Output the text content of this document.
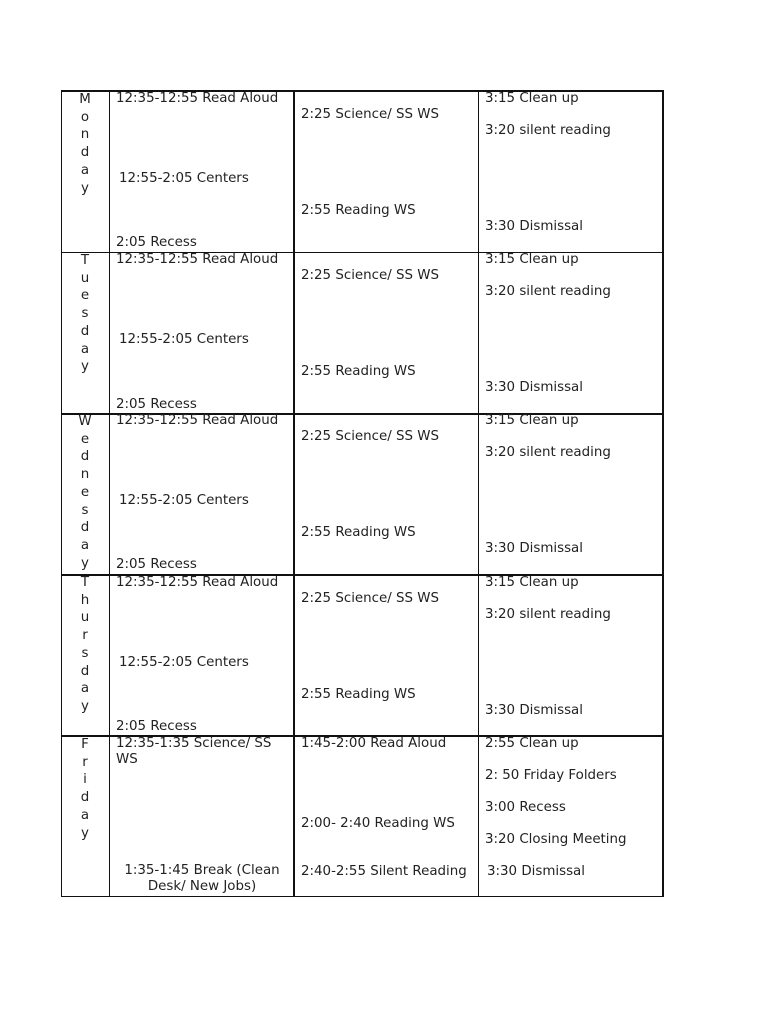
M
o
n
d
a
y

12:35-12:55 Read Aloud

12:55-2:05 Centers

2:05 Recess

2:25 Science/ SS WS

2:55 Reading WS

3:15 Clean up

3:20 silent reading

3:30 Dismissal

T
u
e
s
d
a
y

12:35-12:55 Read Aloud

12:55-2:05 Centers

2:05 Recess

2:25 Science/ SS WS

2:55 Reading WS

3:15 Clean up

3:20 silent reading

3:30 Dismissal

W
e
d
n
e
s
d
a
y

12:35-12:55 Read Aloud

12:55-2:05 Centers

2:05 Recess

2:25 Science/ SS WS

2:55 Reading WS

3:15 Clean up

3:20 silent reading

3:30 Dismissal

T
h
u
r
s
d
a
y

12:35-12:55 Read Aloud

12:55-2:05 Centers

2:05 Recess

2:25 Science/ SS WS

2:55 Reading WS

3:15 Clean up

3:20 silent reading

3:30 Dismissal

F
r
i
d
a
y

12:35-1:35 Science/ SS WS

1:35-1:45 Break (Clean Desk/ New Jobs)

1:45-2:00 Read Aloud

2:00- 2:40 Reading WS

2:40-2:55 Silent Reading

2:55 Clean up

2: 50 Friday Folders

3:00 Recess

3:20 Closing Meeting

3:30 Dismissal
